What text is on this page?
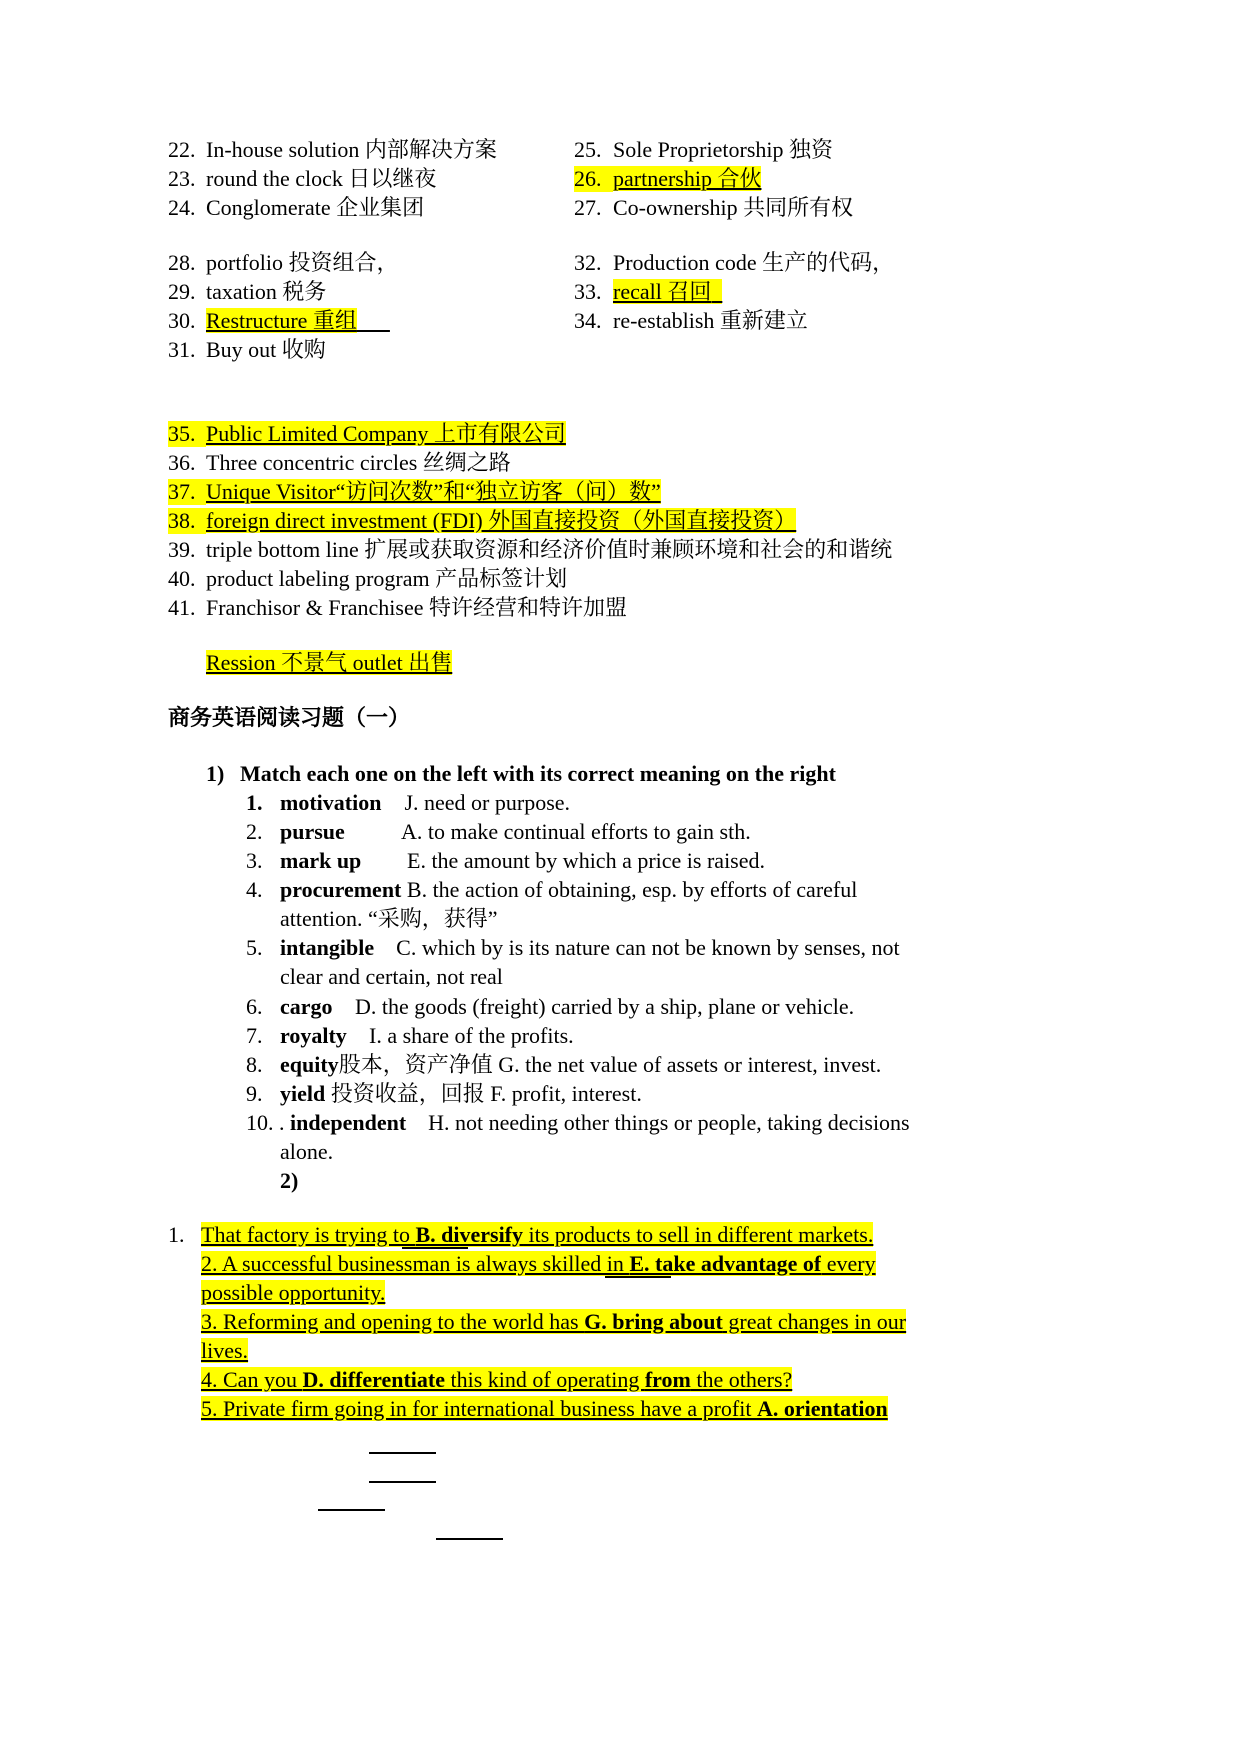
22. In-house solution 内部解决方案
23. round the clock 日以继夜
24. Conglomerate 企业集团
25. Sole Proprietorship 独资
26. partnership 合伙
27. Co-ownership 共同所有权
28. portfolio 投资组合，
29. taxation 税务
30. Restructure 重组
31. Buy out 收购
32. Production code 生产的代码，
33. recall 召回
34. re-establish 重新建立
35. Public Limited Company 上市有限公司
36. Three concentric circles 丝绸之路
37. Unique Visitor“访问次数”和“独立访客（问）数”
38. foreign direct investment (FDI) 外国直接投资（外国直接投资）
39. triple bottom line 扩展或获取资源和经济价值时兼顾环境和社会的和谐统
40. product labeling program 产品标签计划
41. Franchisor & Franchisee 特许经营和特许加盟
Ression 不景气 outlet 出售
商务英语阅读习题（一）
1) Match each one on the left with its correct meaning on the right
1. motivation J. need or purpose.
2. pursue	A. to make continual efforts to gain sth.
3. mark up E. the amount by which a price is raised.
4. procurement B. the action of obtaining, esp. by efforts of careful
attention. “采购，获得”
5. intangible C. which by is its nature can not be known by senses, not
clear and certain, not real
6. cargo D. the goods (freight) carried by a ship, plane or vehicle.
7. royalty I. a share of the profits.
8. equity股本，资产净值 G. the net value of assets or interest, invest.
9. yield 投资收益，回报 F. profit, interest.
10. . independent H. not needing other things or people, taking decisions
alone.
2)
1. That factory is trying to B. diversify its products to sell in different markets.
2. A successful businessman is always skilled in E. take advantage of every
possible opportunity.
3. Reforming and opening to the world has G. bring about great changes in our
lives.
4. Can you D. differentiate this kind of operating from the others?
5. Private firm going in for international business have a profit A. orientation
